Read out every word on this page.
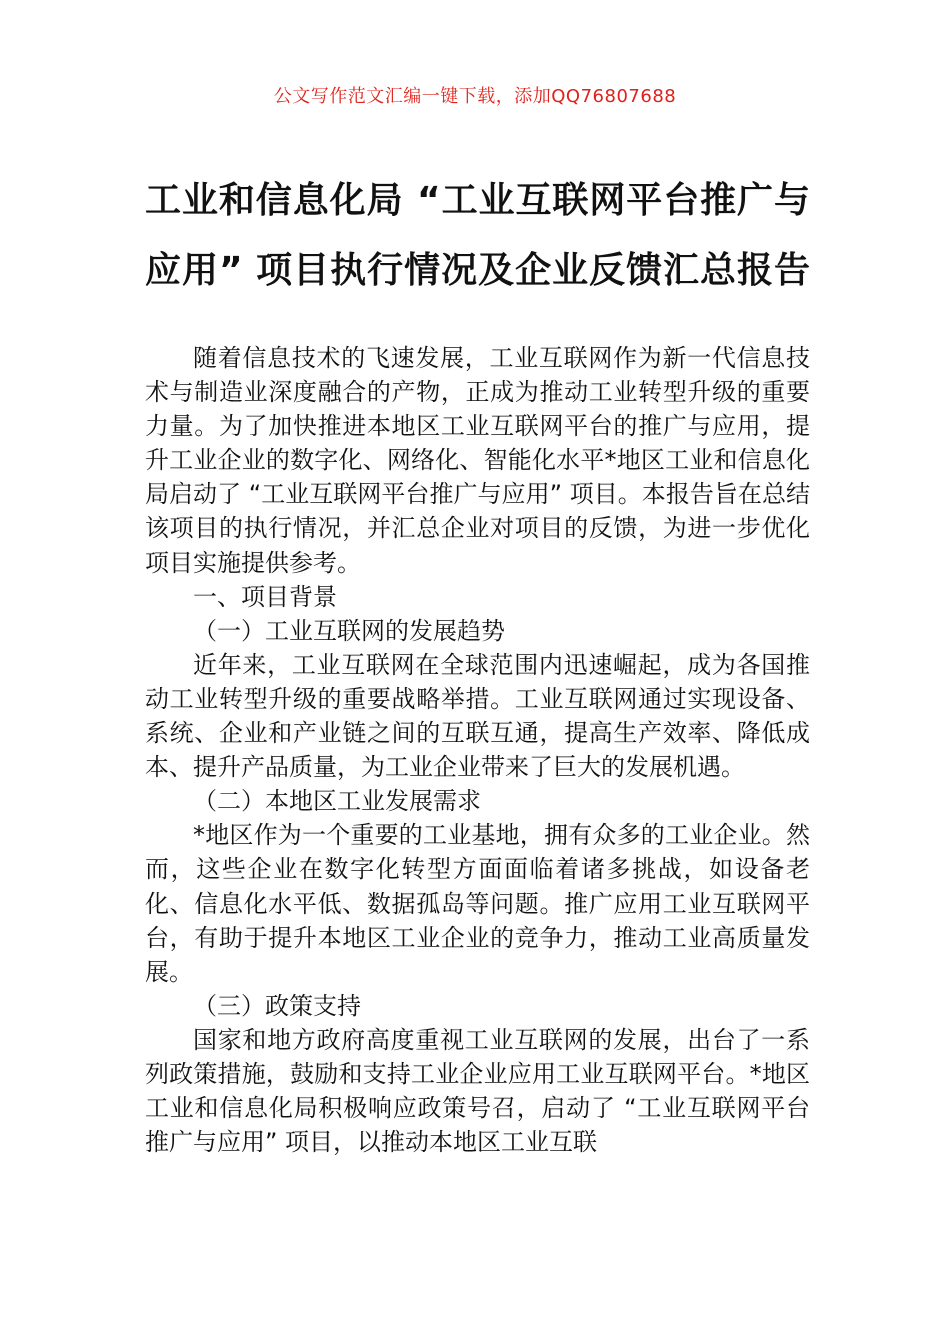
公文写作范文汇编一键下载，添加QQ76807688
工业和信息化局 “工业互联网平台推广与
应用” 项目执行情况及企业反馈汇总报告

随着信息技术的飞速发展，工业互联网作为新一代信息技术与制造业深度融合的产物，正成为推动工业转型升级的重要力量。为了加快推进本地区工业互联网平台的推广与应用，提升工业企业的数字化、网络化、智能化水平*地区工业和信息化局启动了 “工业互联网平台推广与应用” 项目。本报告旨在总结该项目的执行情况，并汇总企业对项目的反馈，为进一步优化项目实施提供参考。

一、项目背景
（一）工业互联网的发展趋势

近年来，工业互联网在全球范围内迅速崛起，成为各国推动工业转型升级的重要战略举措。工业互联网通过实现设备、系统、企业和产业链之间的互联互通，提高生产效率、降低成本、提升产品质量，为工业企业带来了巨大的发展机遇。

（二）本地区工业发展需求

*地区作为一个重要的工业基地，拥有众多的工业企业。然而，这些企业在数字化转型方面面临着诸多挑战，如设备老化、信息化水平低、数据孤岛等问题。推广应用工业互联网平台，有助于提升本地区工业企业的竞争力，推动工业高质量发展。

（三）政策支持

国家和地方政府高度重视工业互联网的发展，出台了一系列政策措施，鼓励和支持工业企业应用工业互联网平台。*地区工业和信息化局积极响应政策号召，启动了 “工业互联网平台推广与应用” 项目，以推动本地区工业互联
